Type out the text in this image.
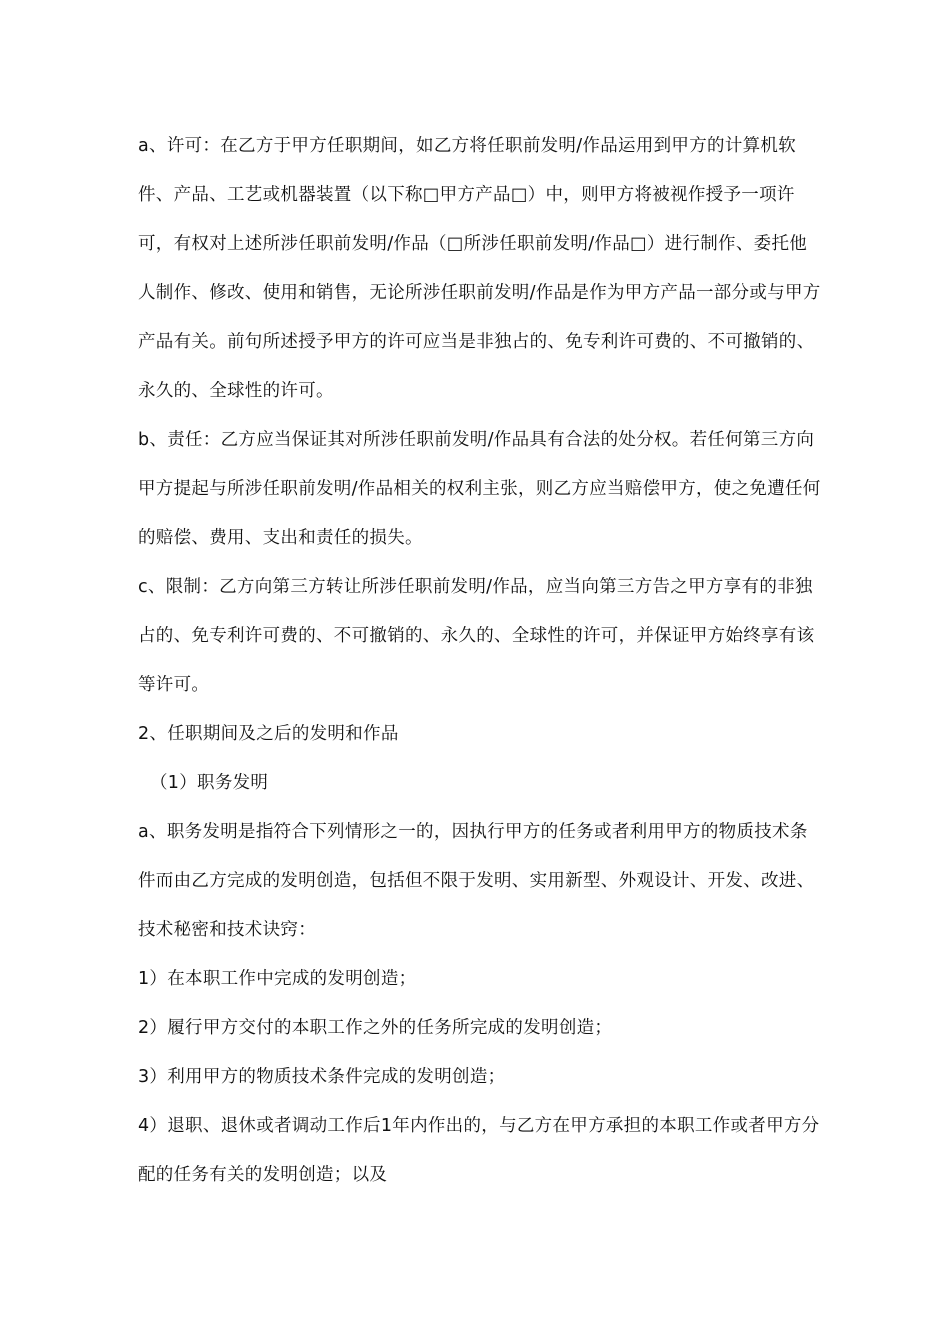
a、许可：在乙方于甲方任职期间，如乙方将任职前发明/作品运用到甲方的计算机软件、产品、工艺或机器装置（以下称□甲方产品□）中，则甲方将被视作授予一项许可，有权对上述所涉任职前发明/作品（□所涉任职前发明/作品□）进行制作、委托他人制作、修改、使用和销售，无论所涉任职前发明/作品是作为甲方产品一部分或与甲方产品有关。前句所述授予甲方的许可应当是非独占的、免专利许可费的、不可撤销的、永久的、全球性的许可。

b、责任：乙方应当保证其对所涉任职前发明/作品具有合法的处分权。若任何第三方向甲方提起与所涉任职前发明/作品相关的权利主张，则乙方应当赔偿甲方，使之免遭任何的赔偿、费用、支出和责任的损失。

c、限制：乙方向第三方转让所涉任职前发明/作品，应当向第三方告之甲方享有的非独占的、免专利许可费的、不可撤销的、永久的、全球性的许可，并保证甲方始终享有该等许可。

2、任职期间及之后的发明和作品

（1）职务发明

a、职务发明是指符合下列情形之一的，因执行甲方的任务或者利用甲方的物质技术条件而由乙方完成的发明创造，包括但不限于发明、实用新型、外观设计、开发、改进、技术秘密和技术诀窍：

1）在本职工作中完成的发明创造；

2）履行甲方交付的本职工作之外的任务所完成的发明创造；

3）利用甲方的物质技术条件完成的发明创造；

4）退职、退休或者调动工作后1年内作出的，与乙方在甲方承担的本职工作或者甲方分配的任务有关的发明创造；以及
